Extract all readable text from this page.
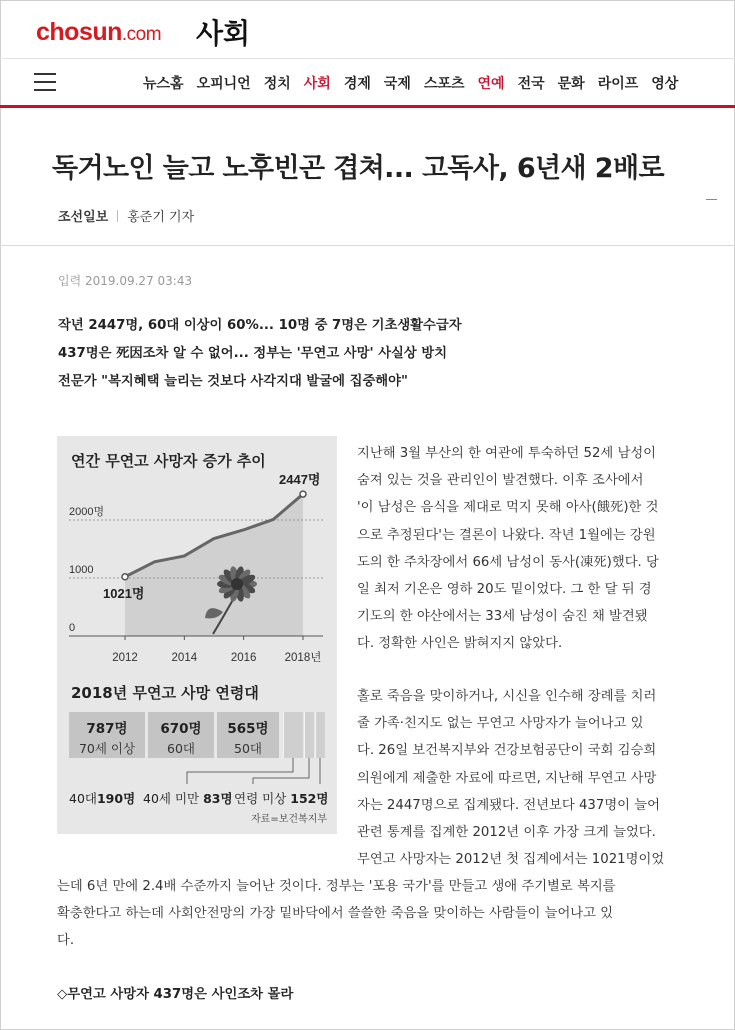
chosun.com 사회
뉴스홈 오피니언 정치 사회 경제 국제 스포츠 연예 전국 문화 라이프 영상
독거노인 늘고 노후빈곤 겹쳐... 고독사, 6년새 2배로
조선일보 홍준기 기자
입력 2019.09.27 03:43
작년 2447명, 60대 이상이 60%... 10명 중 7명은 기초생활수급자
437명은 死因조차 알 수 없어... 정부는 '무연고 사망' 사실상 방치
전문가 "복지혜택 늘리는 것보다 사각지대 발굴에 집중해야"
0
1000
2000명
1021명
2447명
2012	2014	2016 2018년
연간 무연고 사망자 증가 추이
2018년 무연고 사망 연령대
787명
70세 이상
670명
60대
565명
50대
40대190명 40세 미만 83명 연령 미상 152명
자료=보건복지부
지난해 3월 부산의 한 여관에 투숙하던 52세 남성이
숨져 있는 것을 관리인이 발견했다. 이후 조사에서
'이 남성은 음식을 제대로 먹지 못해 아사(餓死)한 것
으로 추정된다'는 결론이 나왔다. 작년 1월에는 강원
도의 한 주차장에서 66세 남성이 동사(凍死)했다. 당
일 최저 기온은 영하 20도 밑이었다. 그 한 달 뒤 경
기도의 한 야산에서는 33세 남성이 숨진 채 발견됐
다. 정확한 사인은 밝혀지지 않았다.
홀로 죽음을 맞이하거나, 시신을 인수해 장례를 치러
줄 가족·친지도 없는 무연고 사망자가 늘어나고 있
다. 26일 보건복지부와 건강보험공단이 국회 김승희
의원에게 제출한 자료에 따르면, 지난해 무연고 사망
자는 2447명으로 집계됐다. 전년보다 437명이 늘어
관련 통계를 집계한 2012년 이후 가장 크게 늘었다.
무연고 사망자는 2012년 첫 집계에서는 1021명이었
는데 6년 만에 2.4배 수준까지 늘어난 것이다. 정부는 '포용 국가'를 만들고 생애 주기별로 복지를
확충한다고 하는데 사회안전망의 가장 밑바닥에서 쓸쓸한 죽음을 맞이하는 사람들이 늘어나고 있
다.
◇무연고 사망자 437명은 사인조차 몰라
